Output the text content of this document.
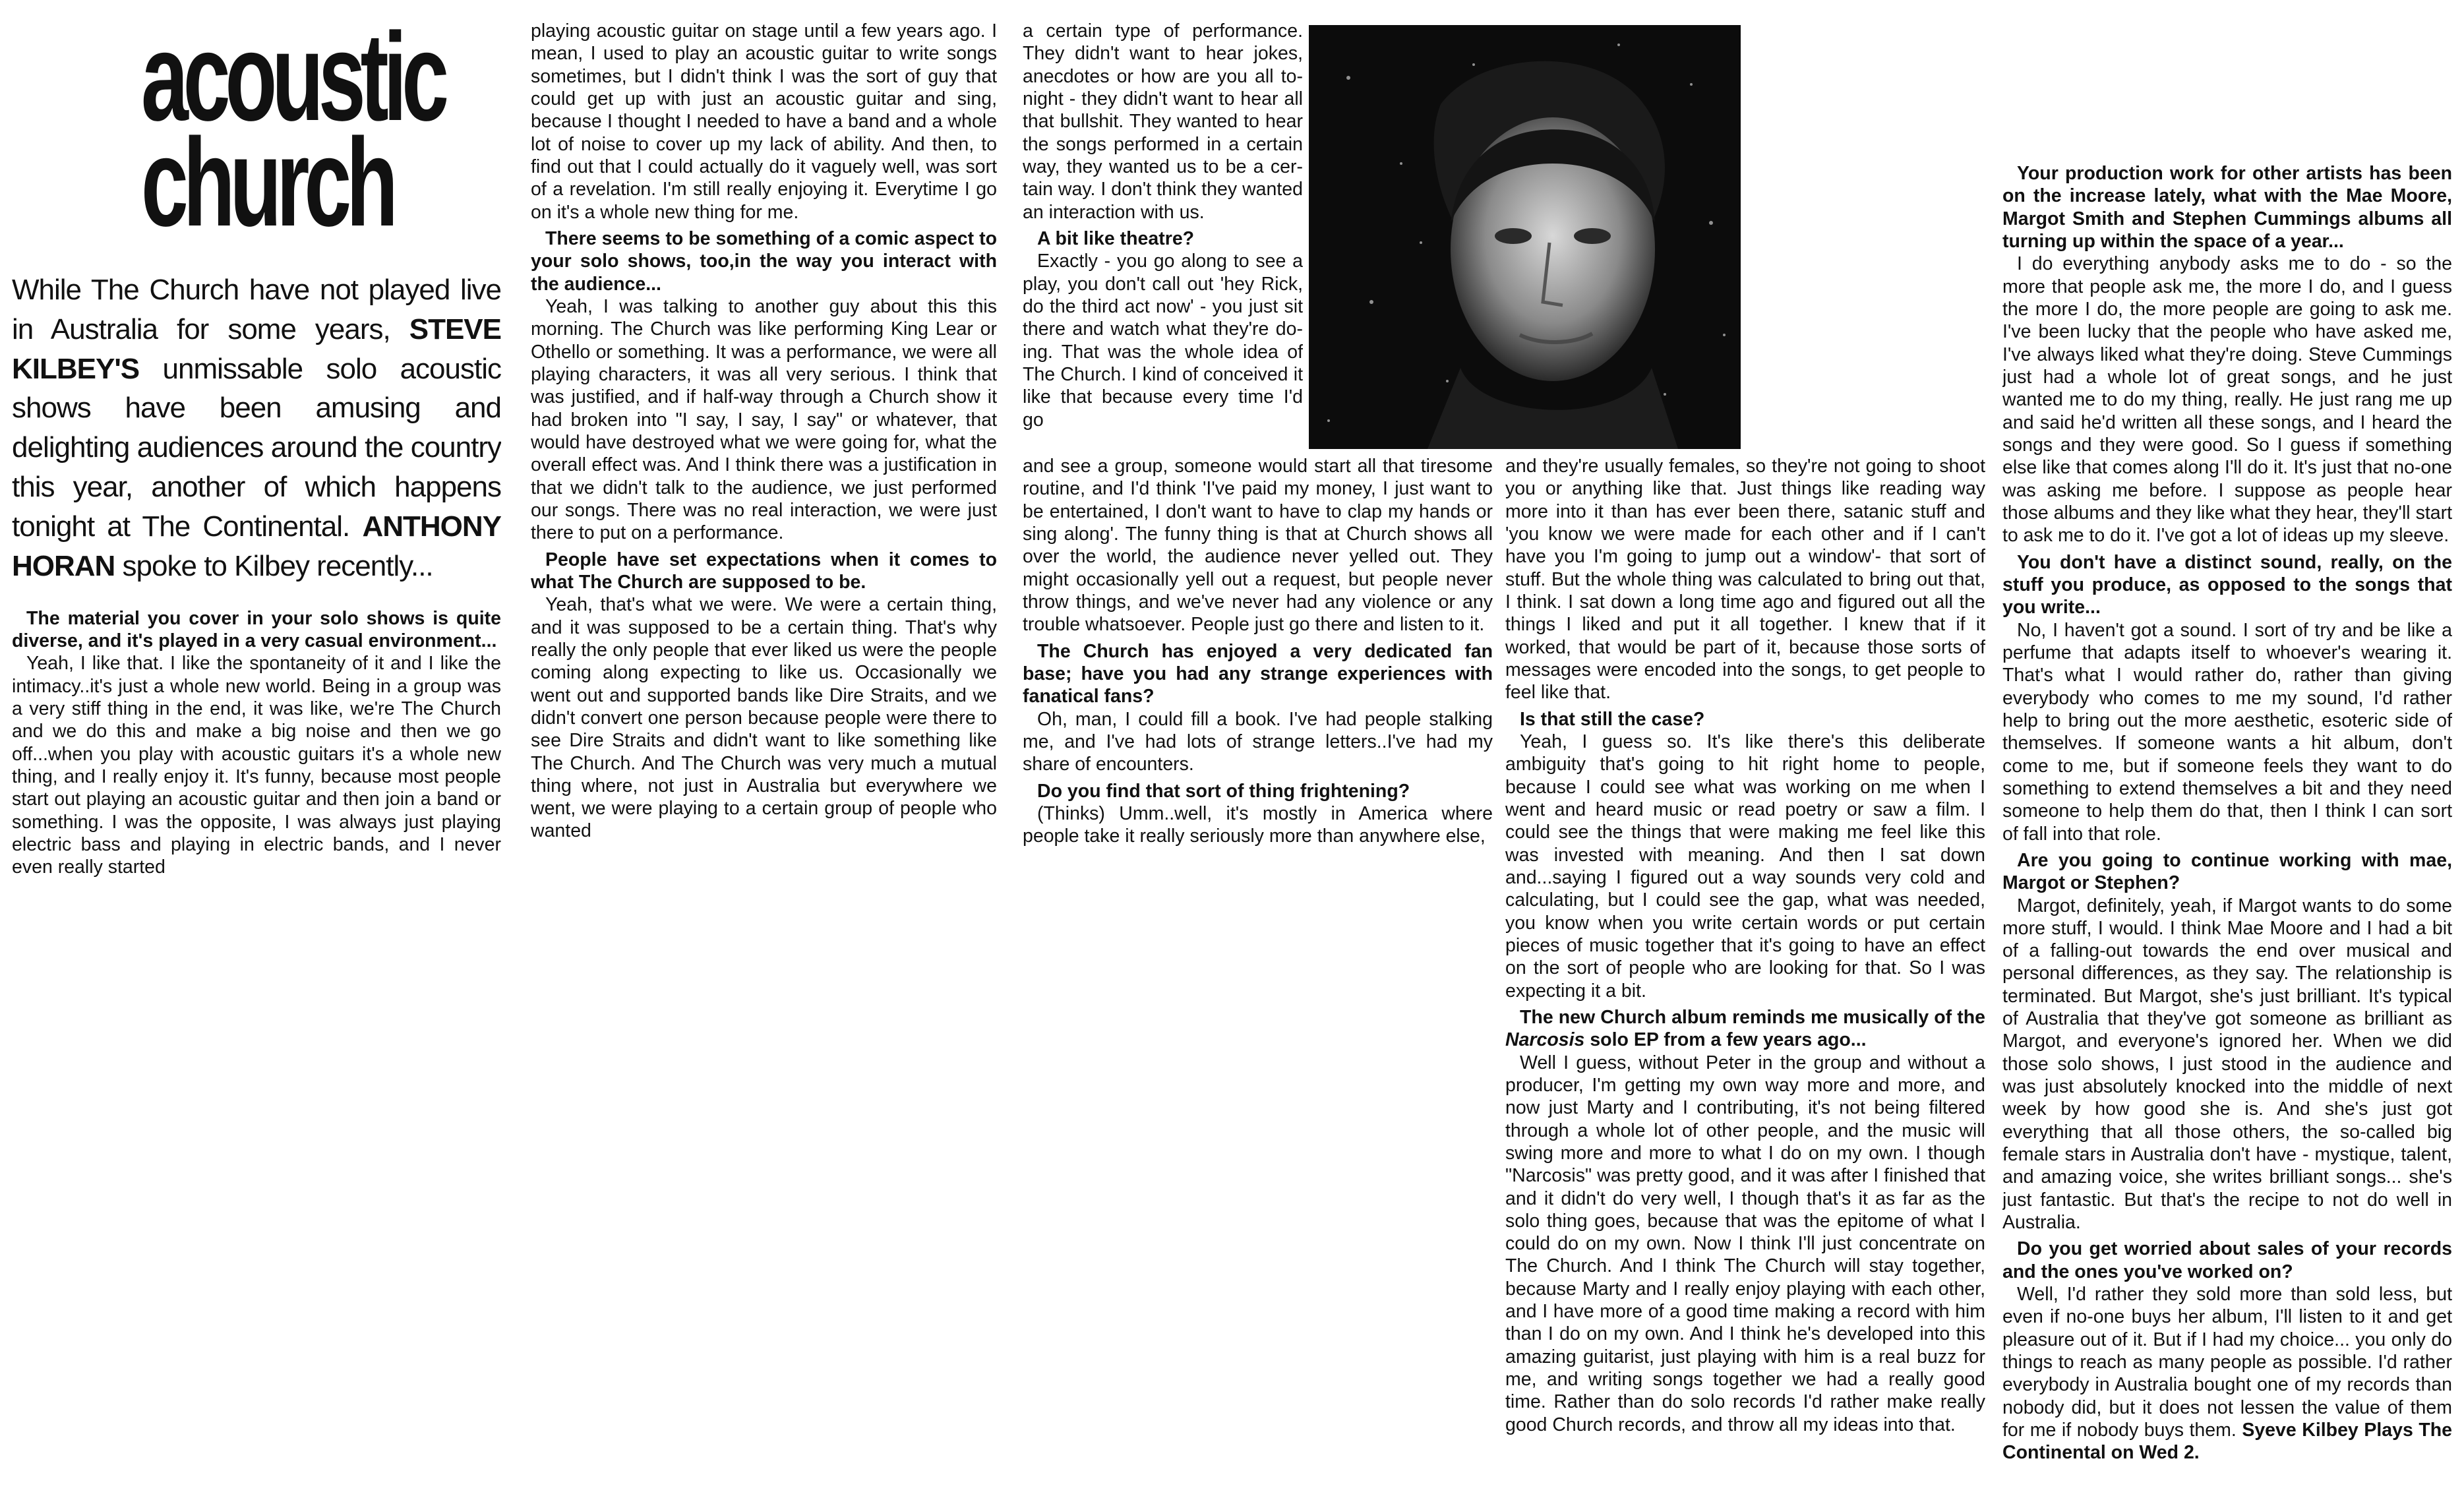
acoustic
church

While The Church have not played live in Australia for some years, STEVE KILBEY'S unmissable solo acoustic shows have been amusing and delighting audiences around the country this year, another of which happens tonight at The Continental. ANTHONY HORAN spoke to Kilbey recently...

The material you cover in your solo shows is quite diverse, and it's played in a very casual environment...

Yeah, I like that. I like the spontaneity of it and I like the intimacy..it's just a whole new world. Being in a group was a very stiff thing in the end, it was like, we're The Church and we do this and make a big noise and then we go off...when you play with acoustic guitars it's a whole new thing, and I really enjoy it. It's funny, because most people start out playing an acoustic guitar and then join a band or something. I was the opposite, I was always just playing electric bass and playing in electric bands, and I never even really started

playing acoustic guitar on stage until a few years ago. I mean, I used to play an acoustic guitar to write songs sometimes, but I didn't think I was the sort of guy that could get up with just an acoustic guitar and sing, because I thought I needed to have a band and a whole lot of noise to cover up my lack of ability. And then, to find out that I could actually do it vaguely well, was sort of a revelation. I'm still really enjoying it. Everytime I go on it's a whole new thing for me.

There seems to be something of a comic aspect to your solo shows, too,in the way you interact with the audience...

Yeah, I was talking to another guy about this this morning. The Church was like performing King Lear or Othello or something. It was a performance, we were all playing characters, it was all very serious. I think that was justified, and if half-way through a Church show it had broken into "I say, I say, I say" or whatever, that would have destroyed what we were going for, what the overall effect was. And I think there was a justification in that we didn't talk to the audience, we just performed our songs. There was no real interaction, we were just there to put on a performance.

People have set expectations when it comes to what The Church are supposed to be.

Yeah, that's what we were. We were a certain thing, and it was supposed to be a certain thing. That's why really the only people that ever liked us were the people coming along expecting to like us. Occasionally we went out and supported bands like Dire Straits, and we didn't convert one person because people were there to see Dire Straits and didn't want to like something like The Church. And The Church was very much a mutual thing where, not just in Australia but everywhere we went, we were playing to a certain group of people who wanted

a certain type of performance. They didn't want to hear jokes, anecdotes or how are you all to-night - they didn't want to hear all that bullshit. They wanted to hear the songs performed in a certain way, they wanted us to be a cer-tain way. I don't think they wanted an interaction with us.

A bit like theatre?

Exactly - you go along to see a play, you don't call out 'hey Rick, do the third act now' - you just sit there and watch what they're do-ing. That was the whole idea of The Church. I kind of conceived it like that because every time I'd go

and see a group, someone would start all that tiresome routine, and I'd think 'I've paid my money, I just want to be entertained, I don't want to have to clap my hands or sing along'. The funny thing is that at Church shows all over the world, the audience never yelled out. They might occasionally yell out a request, but people never throw things, and we've never had any violence or any trouble whatsoever. People just go there and listen to it.

The Church has enjoyed a very dedicated fan base; have you had any strange experiences with fanatical fans?

Oh, man, I could fill a book. I've had people stalking me, and I've had lots of strange letters..I've had my share of encounters.

Do you find that sort of thing frightening?

(Thinks) Umm..well, it's mostly in America where people take it really seriously more than anywhere else,

and they're usually females, so they're not going to shoot you or anything like that. Just things like reading way more into it than has ever been there, satanic stuff and 'you know we were made for each other and if I can't have you I'm going to jump out a window'- that sort of stuff. But the whole thing was calculated to bring out that, I think. I sat down a long time ago and figured out all the things I liked and put it all together. I knew that if it worked, that would be part of it, because those sorts of messages were encoded into the songs, to get people to feel like that.

Is that still the case?

Yeah, I guess so. It's like there's this deliberate ambiguity that's going to hit right home to people, because I could see what was working on me when I went and heard music or read poetry or saw a film. I could see the things that were making me feel like this was invested with meaning. And then I sat down and...saying I figured out a way sounds very cold and calculating, but I could see the gap, what was needed, you know when you write certain words or put certain pieces of music together that it's going to have an effect on the sort of people who are looking for that. So I was expecting it a bit.

The new Church album reminds me musically of the Narcosis solo EP from a few years ago...

Well I guess, without Peter in the group and without a producer, I'm getting my own way more and more, and now just Marty and I contributing, it's not being filtered through a whole lot of other people, and the music will swing more and more to what I do on my own. I though "Narcosis" was pretty good, and it was after I finished that and it didn't do very well, I though that's it as far as the solo thing goes, because that was the epitome of what I could do on my own. Now I think I'll just concentrate on The Church. And I think The Church will stay together, because Marty and I really enjoy playing with each other, and I have more of a good time making a record with him than I do on my own. And I think he's developed into this amazing guitarist, just playing with him is a real buzz for me, and writing songs together we had a really good time. Rather than do solo records I'd rather make really good Church records, and throw all my ideas into that.

Your production work for other artists has been on the increase lately, what with the Mae Moore, Margot Smith and Stephen Cummings albums all turning up within the space of a year...

I do everything anybody asks me to do - so the more that people ask me, the more I do, and I guess the more I do, the more people are going to ask me. I've been lucky that the people who have asked me, I've always liked what they're doing. Steve Cummings just had a whole lot of great songs, and he just wanted me to do my thing, really. He just rang me up and said he'd written all these songs, and I heard the songs and they were good. So I guess if something else like that comes along I'll do it. It's just that no-one was asking me before. I suppose as people hear those albums and they like what they hear, they'll start to ask me to do it. I've got a lot of ideas up my sleeve.

You don't have a distinct sound, really, on the stuff you produce, as opposed to the songs that you write...

No, I haven't got a sound. I sort of try and be like a perfume that adapts itself to whoever's wearing it. That's what I would rather do, rather than giving everybody who comes to me my sound, I'd rather help to bring out the more aesthetic, esoteric side of themselves. If someone wants a hit album, don't come to me, but if someone feels they want to do something to extend themselves a bit and they need someone to help them do that, then I think I can sort of fall into that role.

Are you going to continue working with mae, Margot or Stephen?

Margot, definitely, yeah, if Margot wants to do some more stuff, I would. I think Mae Moore and I had a bit of a falling-out towards the end over musical and personal differences, as they say. The relationship is terminated. But Margot, she's just brilliant. It's typical of Australia that they've got someone as brilliant as Margot, and everyone's ignored her. When we did those solo shows, I just stood in the audience and was just absolutely knocked into the middle of next week by how good she is. And she's just got everything that all those others, the so-called big female stars in Australia don't have - mystique, talent, and amazing voice, she writes brilliant songs... she's just fantastic. But that's the recipe to not do well in Australia.

Do you get worried about sales of your records and the ones you've worked on?

Well, I'd rather they sold more than sold less, but even if no-one buys her album, I'll listen to it and get pleasure out of it. But if I had my choice... you only do things to reach as many people as possible. I'd rather everybody in Australia bought one of my records than nobody did, but it does not lessen the value of them for me if nobody buys them. Syeve Kilbey Plays The Continental on Wed 2.
